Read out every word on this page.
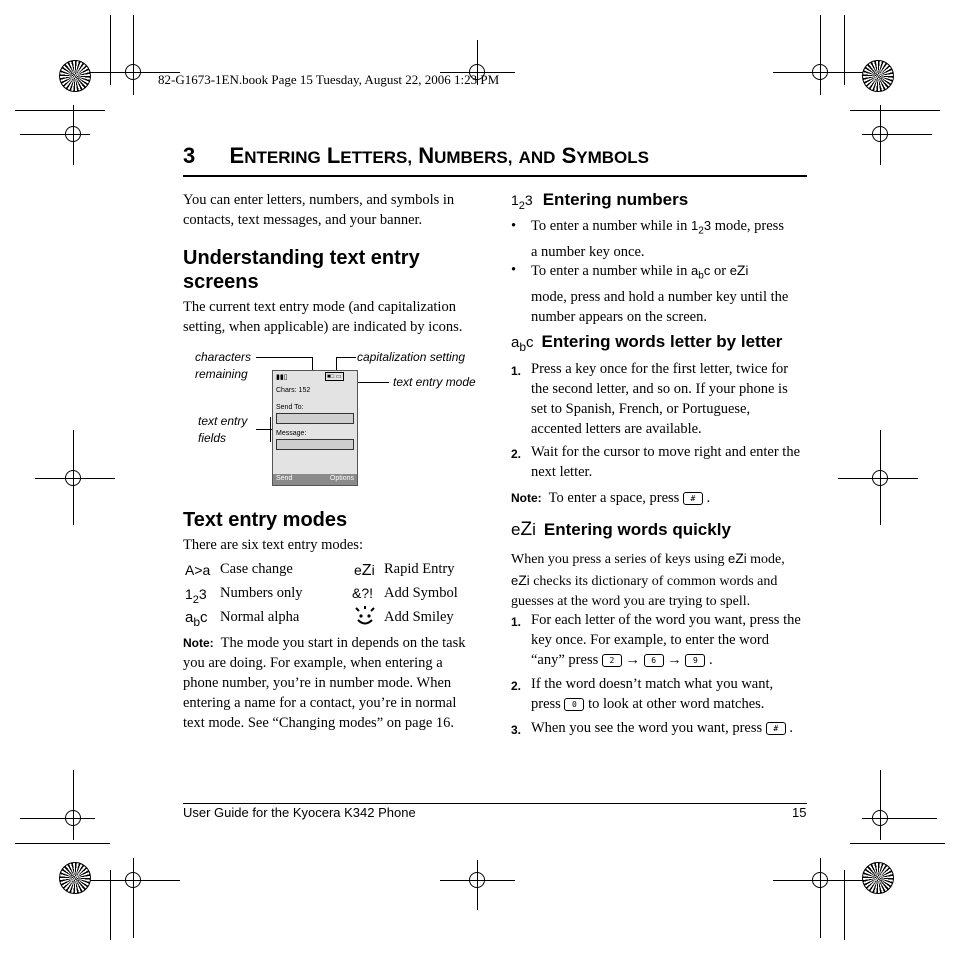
82-G1673-1EN.book Page 15 Tuesday, August 22, 2006 1:23 PM
3 ENTERING LETTERS, NUMBERS, AND SYMBOLS
You can enter letters, numbers, and symbols in
contacts, text messages, and your banner.
Understanding text entry
screens
The current text entry mode (and capitalization
setting, when applicable) are indicated by icons.
characters
remaining
capitalization setting
text entry mode
text entry
fields
▮▮▯	■□ ▭
Chars: 152
Send To:
Message:
Send	Options
Text entry modes
There are six text entry modes:
A>a Case change	eZi Rapid Entry
$1_23$ Numbers only	&?! Add Symbol
$a_bc$ Normal alpha	Add Smiley
Note: The mode you start in depends on the task
you are doing. For example, when entering a
phone number, you’re in number mode. When
entering a name for a contact, you’re in normal
text mode. See “Changing modes” on page 16.
$1_23$ Entering numbers
• To enter a number while in $1_23$ mode, press
a number key once.
• To enter a number while in $a_bc$ or eZi
mode, press and hold a number key until the
number appears on the screen.
$a_bc$ Entering words letter by letter
1. Press a key once for the first letter, twice for
the second letter, and so on. If your phone is
set to Spanish, French, or Portuguese,
accented letters are available.
2. Wait for the cursor to move right and enter the
next letter.
Note: To enter a space, press # .
eZi Entering words quickly
When you press a series of keys using eZi mode,
eZi checks its dictionary of common words and
guesses at the word you are trying to spell.
1. For each letter of the word you want, press the
key once. For example, to enter the word
“any” press 2 → 6 → 9 .
2. If the word doesn’t match what you want,
press 0 to look at other word matches.
3. When you see the word you want, press # .
User Guide for the Kyocera K342 Phone	15
